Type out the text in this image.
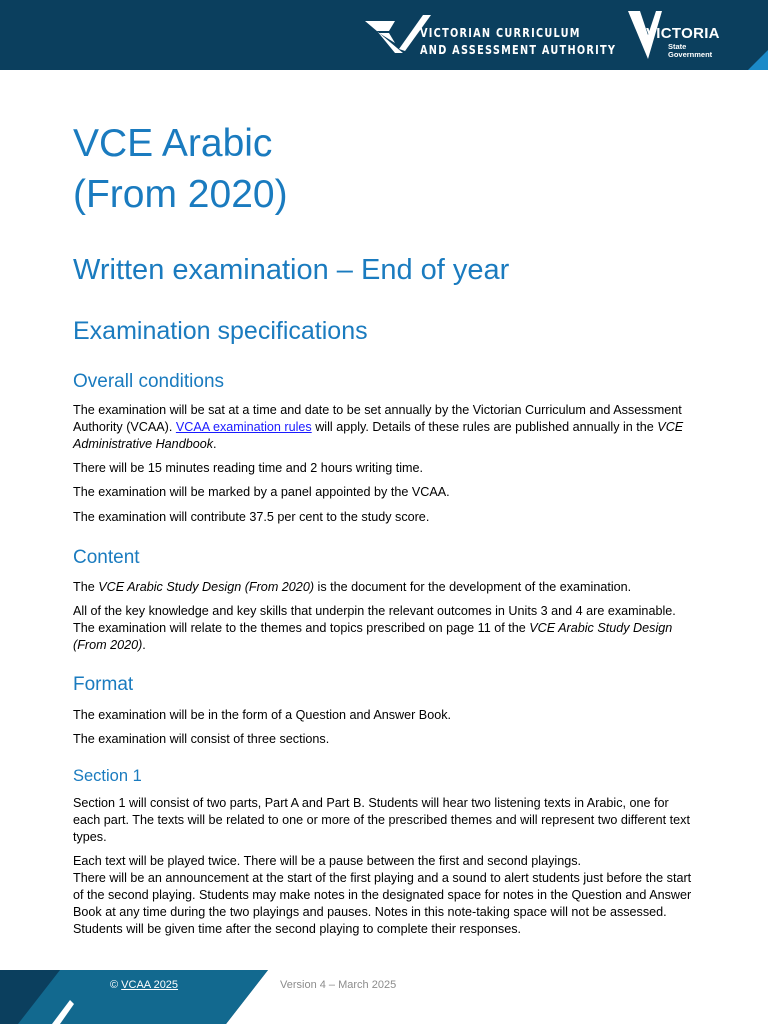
VICTORIAN CURRICULUM
AND ASSESSMENT AUTHORITY
VICTORIA
State
Government
VCE Arabic
(From 2020)
Written examination – End of year
Examination specifications
Overall conditions

The examination will be sat at a time and date to be set annually by the Victorian Curriculum and Assessment Authority (VCAA). VCAA examination rules will apply. Details of these rules are published annually in the VCE Administrative Handbook.

There will be 15 minutes reading time and 2 hours writing time.

The examination will be marked by a panel appointed by the VCAA.

The examination will contribute 37.5 per cent to the study score.

Content

The VCE Arabic Study Design (From 2020) is the document for the development of the examination.

All of the key knowledge and key skills that underpin the relevant outcomes in Units 3 and 4 are examinable. The examination will relate to the themes and topics prescribed on page 11 of the VCE Arabic Study Design (From 2020).

Format

The examination will be in the form of a Question and Answer Book.

The examination will consist of three sections.

Section 1

Section 1 will consist of two parts, Part A and Part B. Students will hear two listening texts in Arabic, one for each part. The texts will be related to one or more of the prescribed themes and will represent two different text types.

Each text will be played twice. There will be a pause between the first and second playings.
There will be an announcement at the start of the first playing and a sound to alert students just before the start of the second playing. Students may make notes in the designated space for notes in the Question and Answer Book at any time during the two playings and pauses. Notes in this note-taking space will not be assessed. Students will be given time after the second playing to complete their responses.

© VCAA 2025	Version 4 – March 2025
